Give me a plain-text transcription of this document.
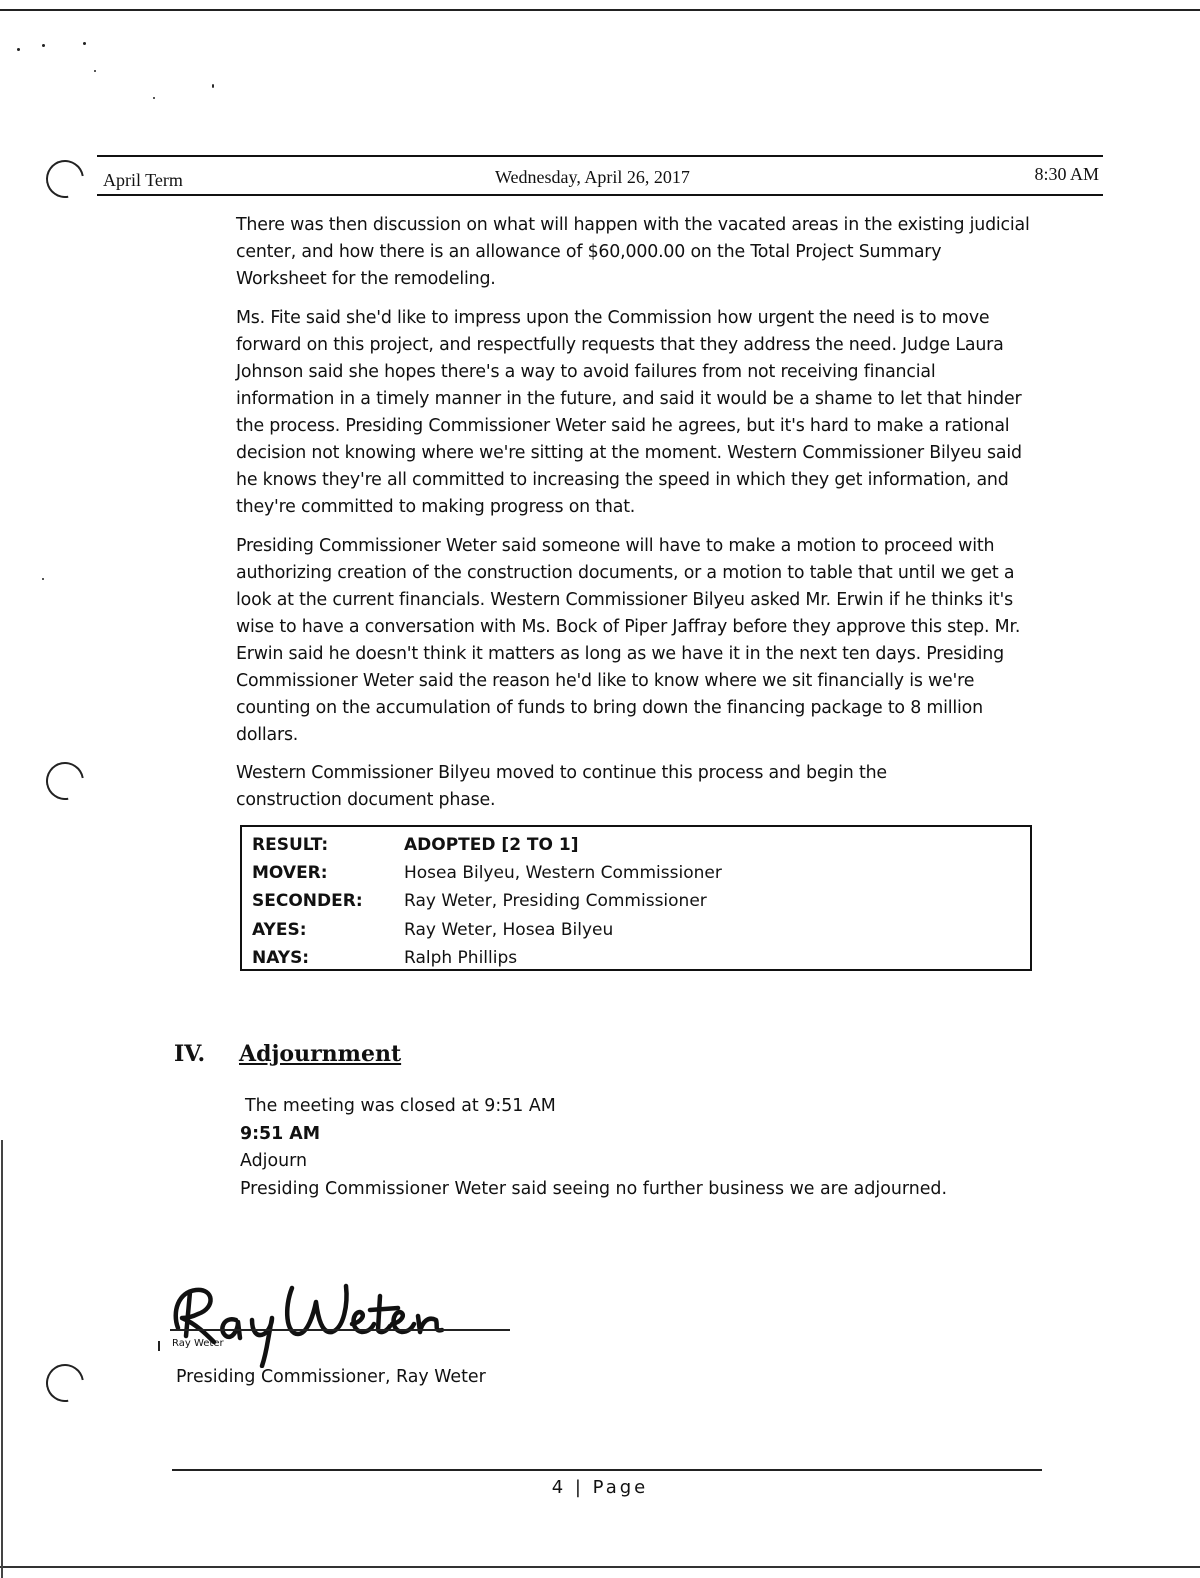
April Term	Wednesday, April 26, 2017	8:30 AM

There was then discussion on what will happen with the vacated areas in the existing judicial center, and how there is an allowance of $60,000.00 on the Total Project Summary Worksheet for the remodeling.

Ms. Fite said she'd like to impress upon the Commission how urgent the need is to move forward on this project, and respectfully requests that they address the need. Judge Laura Johnson said she hopes there's a way to avoid failures from not receiving financial information in a timely manner in the future, and said it would be a shame to let that hinder the process. Presiding Commissioner Weter said he agrees, but it's hard to make a rational decision not knowing where we're sitting at the moment. Western Commissioner Bilyeu said he knows they're all committed to increasing the speed in which they get information, and they're committed to making progress on that.

Presiding Commissioner Weter said someone will have to make a motion to proceed with authorizing creation of the construction documents, or a motion to table that until we get a look at the current financials. Western Commissioner Bilyeu asked Mr. Erwin if he thinks it's wise to have a conversation with Ms. Bock of Piper Jaffray before they approve this step. Mr. Erwin said he doesn't think it matters as long as we have it in the next ten days. Presiding Commissioner Weter said the reason he'd like to know where we sit financially is we're counting on the accumulation of funds to bring down the financing package to 8 million dollars.

Western Commissioner Bilyeu moved to continue this process and begin the construction document phase.

RESULT:	ADOPTED [2 TO 1]
MOVER:	Hosea Bilyeu, Western Commissioner
SECONDER: Ray Weter, Presiding Commissioner
AYES:	Ray Weter, Hosea Bilyeu
NAYS:	Ralph Phillips
IV. Adjournment
The meeting was closed at 9:51 AM
9:51 AM
Adjourn
Presiding Commissioner Weter said seeing no further business we are adjourned.
Ray Weter
Presiding Commissioner, Ray Weter
4 | Page
